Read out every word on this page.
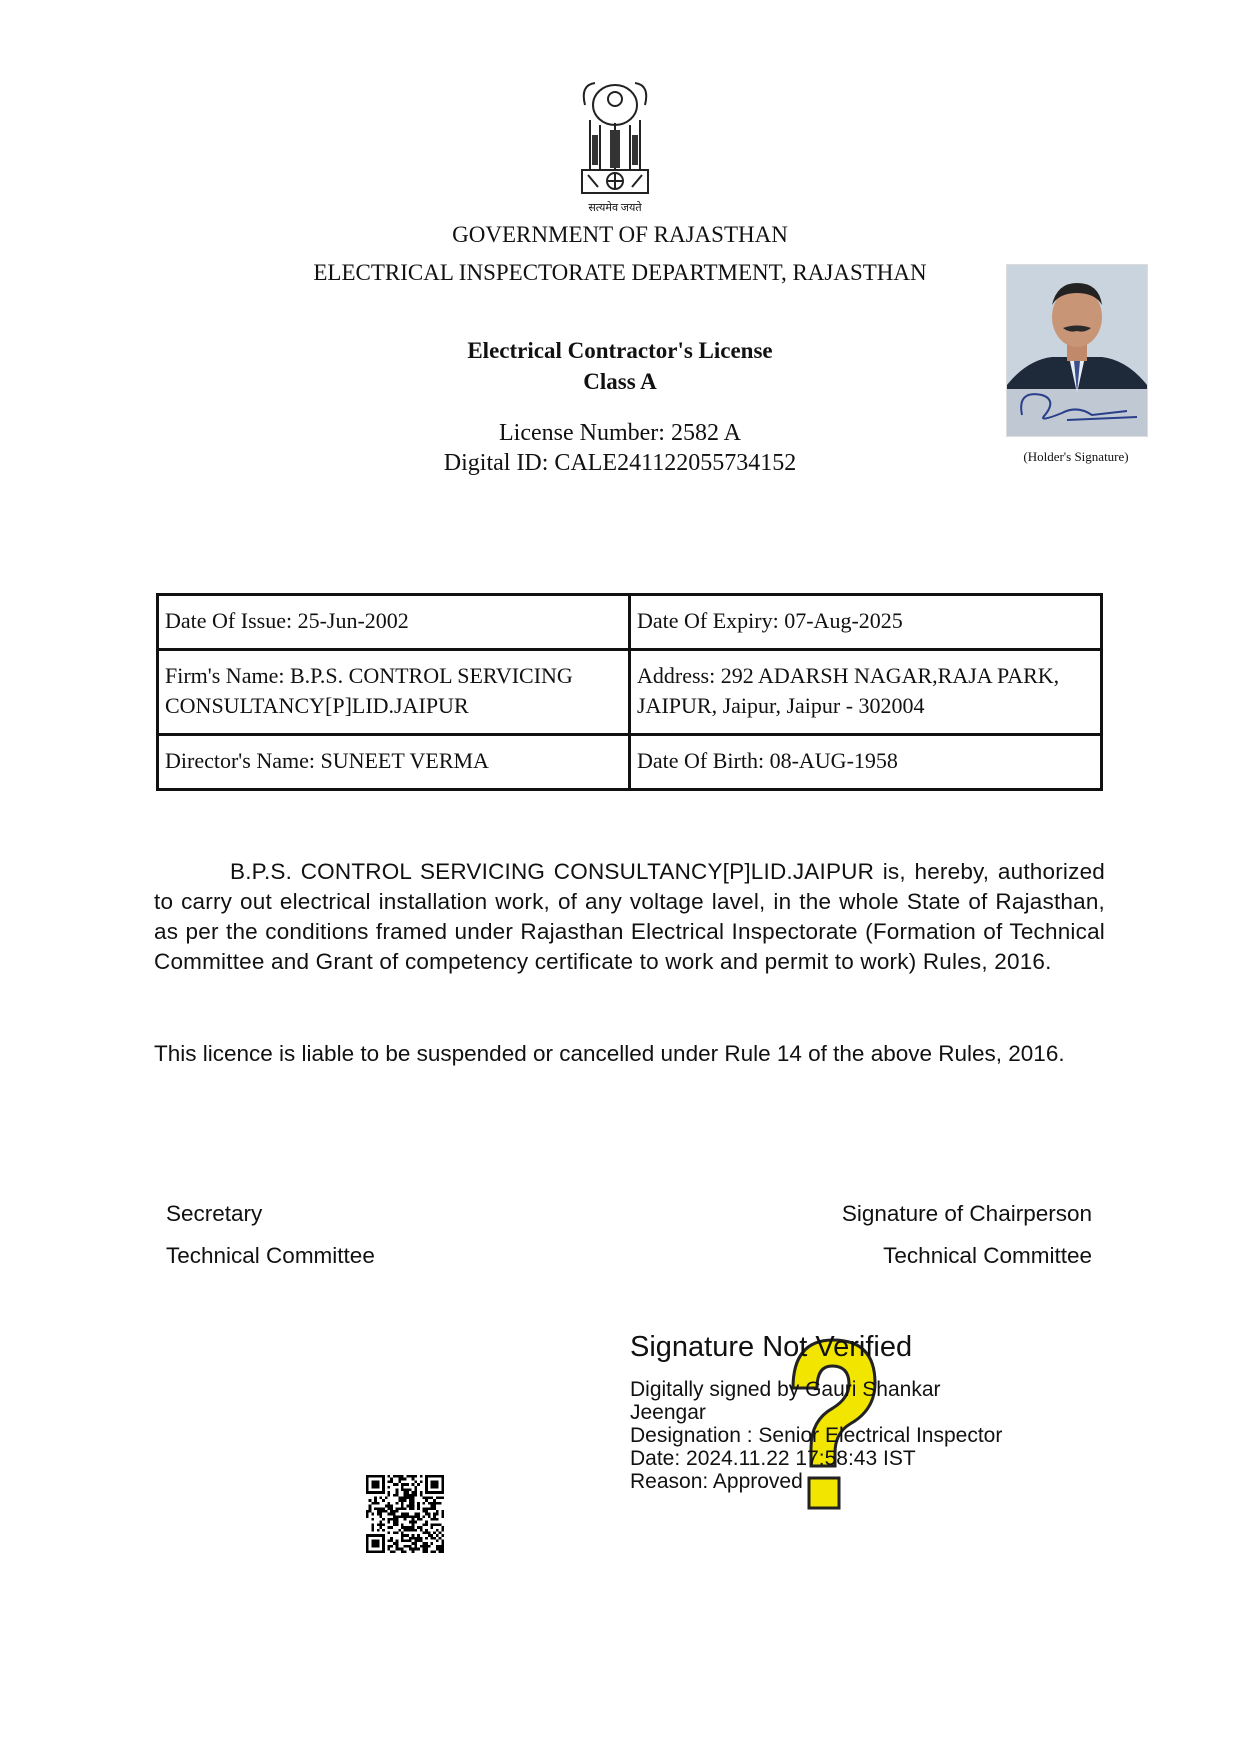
सत्यमेव जयते
GOVERNMENT OF RAJASTHAN
ELECTRICAL INSPECTORATE DEPARTMENT, RAJASTHAN
Electrical Contractor's License
Class A
License Number: 2582 A
Digital ID: CALE241122055734152	(Holder's Signature)
Date Of Issue: 25-Jun-2002	Date Of Expiry: 07-Aug-2025
Firm's Name: B.P.S. CONTROL SERVICING CONSULTANCY[P]LID.JAIPUR	Address: 292 ADARSH NAGAR,RAJA PARK, JAIPUR, Jaipur, Jaipur - 302004
Director's Name: SUNEET VERMA	Date Of Birth: 08-AUG-1958
B.P.S. CONTROL SERVICING CONSULTANCY[P]LID.JAIPUR is, hereby, authorized to carry out electrical installation work, of any voltage lavel, in the whole State of Rajasthan, as per the conditions framed under Rajasthan Electrical Inspectorate (Formation of Technical Committee and Grant of competency certificate to work and permit to work) Rules, 2016.
This licence is liable to be suspended or cancelled under Rule 14 of the above Rules, 2016.
Secretary
Technical Committee
Signature of Chairperson
Technical Committee
Signature Not Verified
Digitally signed by Gauri Shankar
Jeengar
Designation : Senior Electrical Inspector
Date: 2024.11.22 17:58:43 IST
Reason: Approved
